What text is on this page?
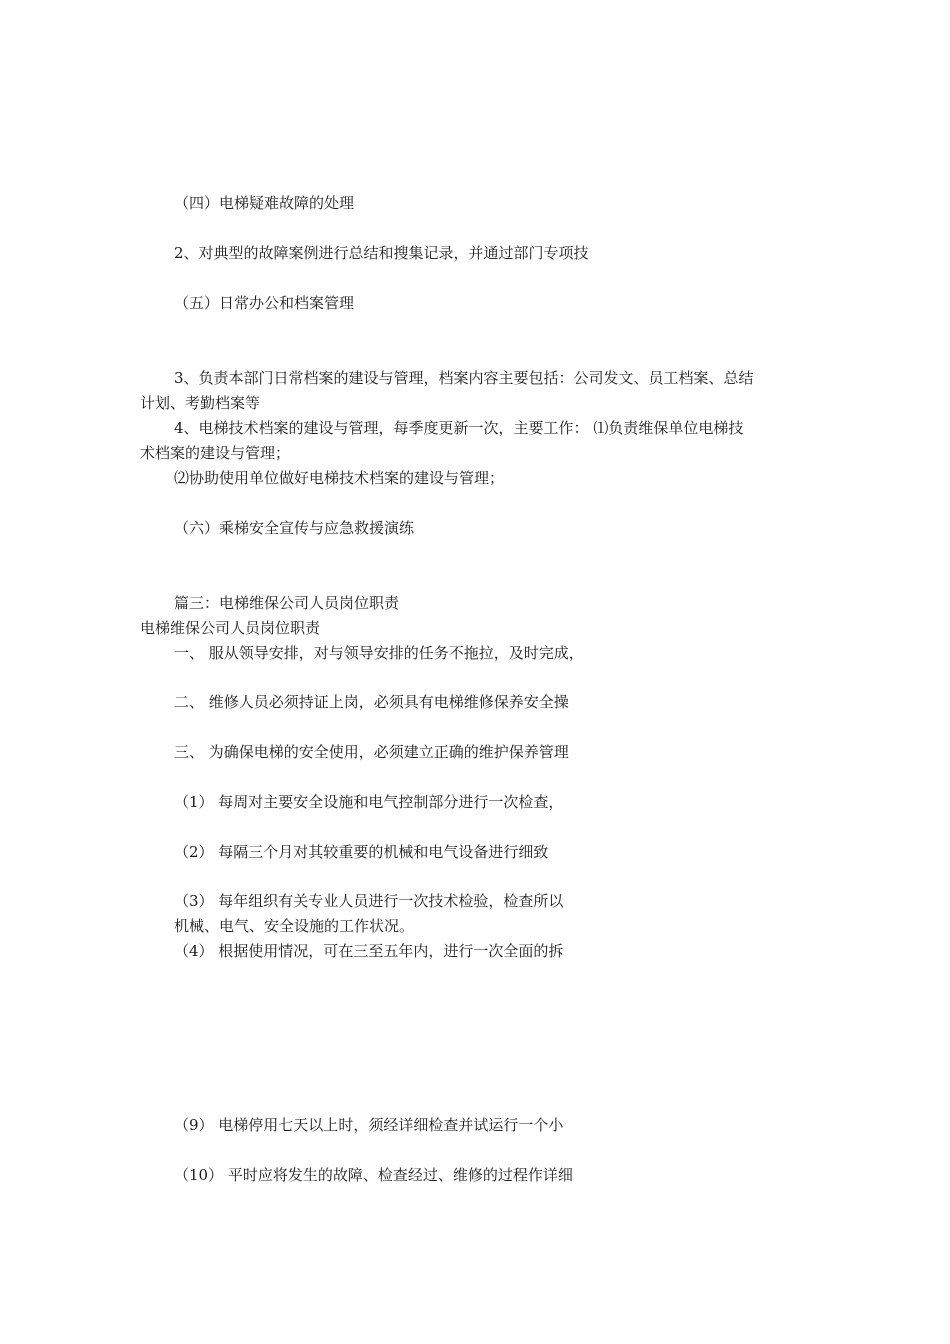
（四）电梯疑难故障的处理
2、对典型的故障案例进行总结和搜集记录，并通过部门专项技
（五）日常办公和档案管理
3、负责本部门日常档案的建设与管理，档案内容主要包括：公司发文、员工档案、总结
计划、考勤档案等
4、电梯技术档案的建设与管理，每季度更新一次，主要工作： ⑴负责维保单位电梯技
术档案的建设与管理；
⑵协助使用单位做好电梯技术档案的建设与管理；
（六）乘梯安全宣传与应急救援演练
篇三：电梯维保公司人员岗位职责
电梯维保公司人员岗位职责
一、 服从领导安排，对与领导安排的任务不拖拉，及时完成，
二、 维修人员必须持证上岗，必须具有电梯维修保养安全操
三、 为确保电梯的安全使用，必须建立正确的维护保养管理
（1） 每周对主要安全设施和电气控制部分进行一次检查，
（2） 每隔三个月对其较重要的机械和电气设备进行细致
（3） 每年组织有关专业人员进行一次技术检验，检查所以
机械、电气、安全设施的工作状况。
（4） 根据使用情况，可在三至五年内，进行一次全面的拆
（9） 电梯停用七天以上时，须经详细检查并试运行一个小
（10） 平时应将发生的故障、检查经过、维修的过程作详细
